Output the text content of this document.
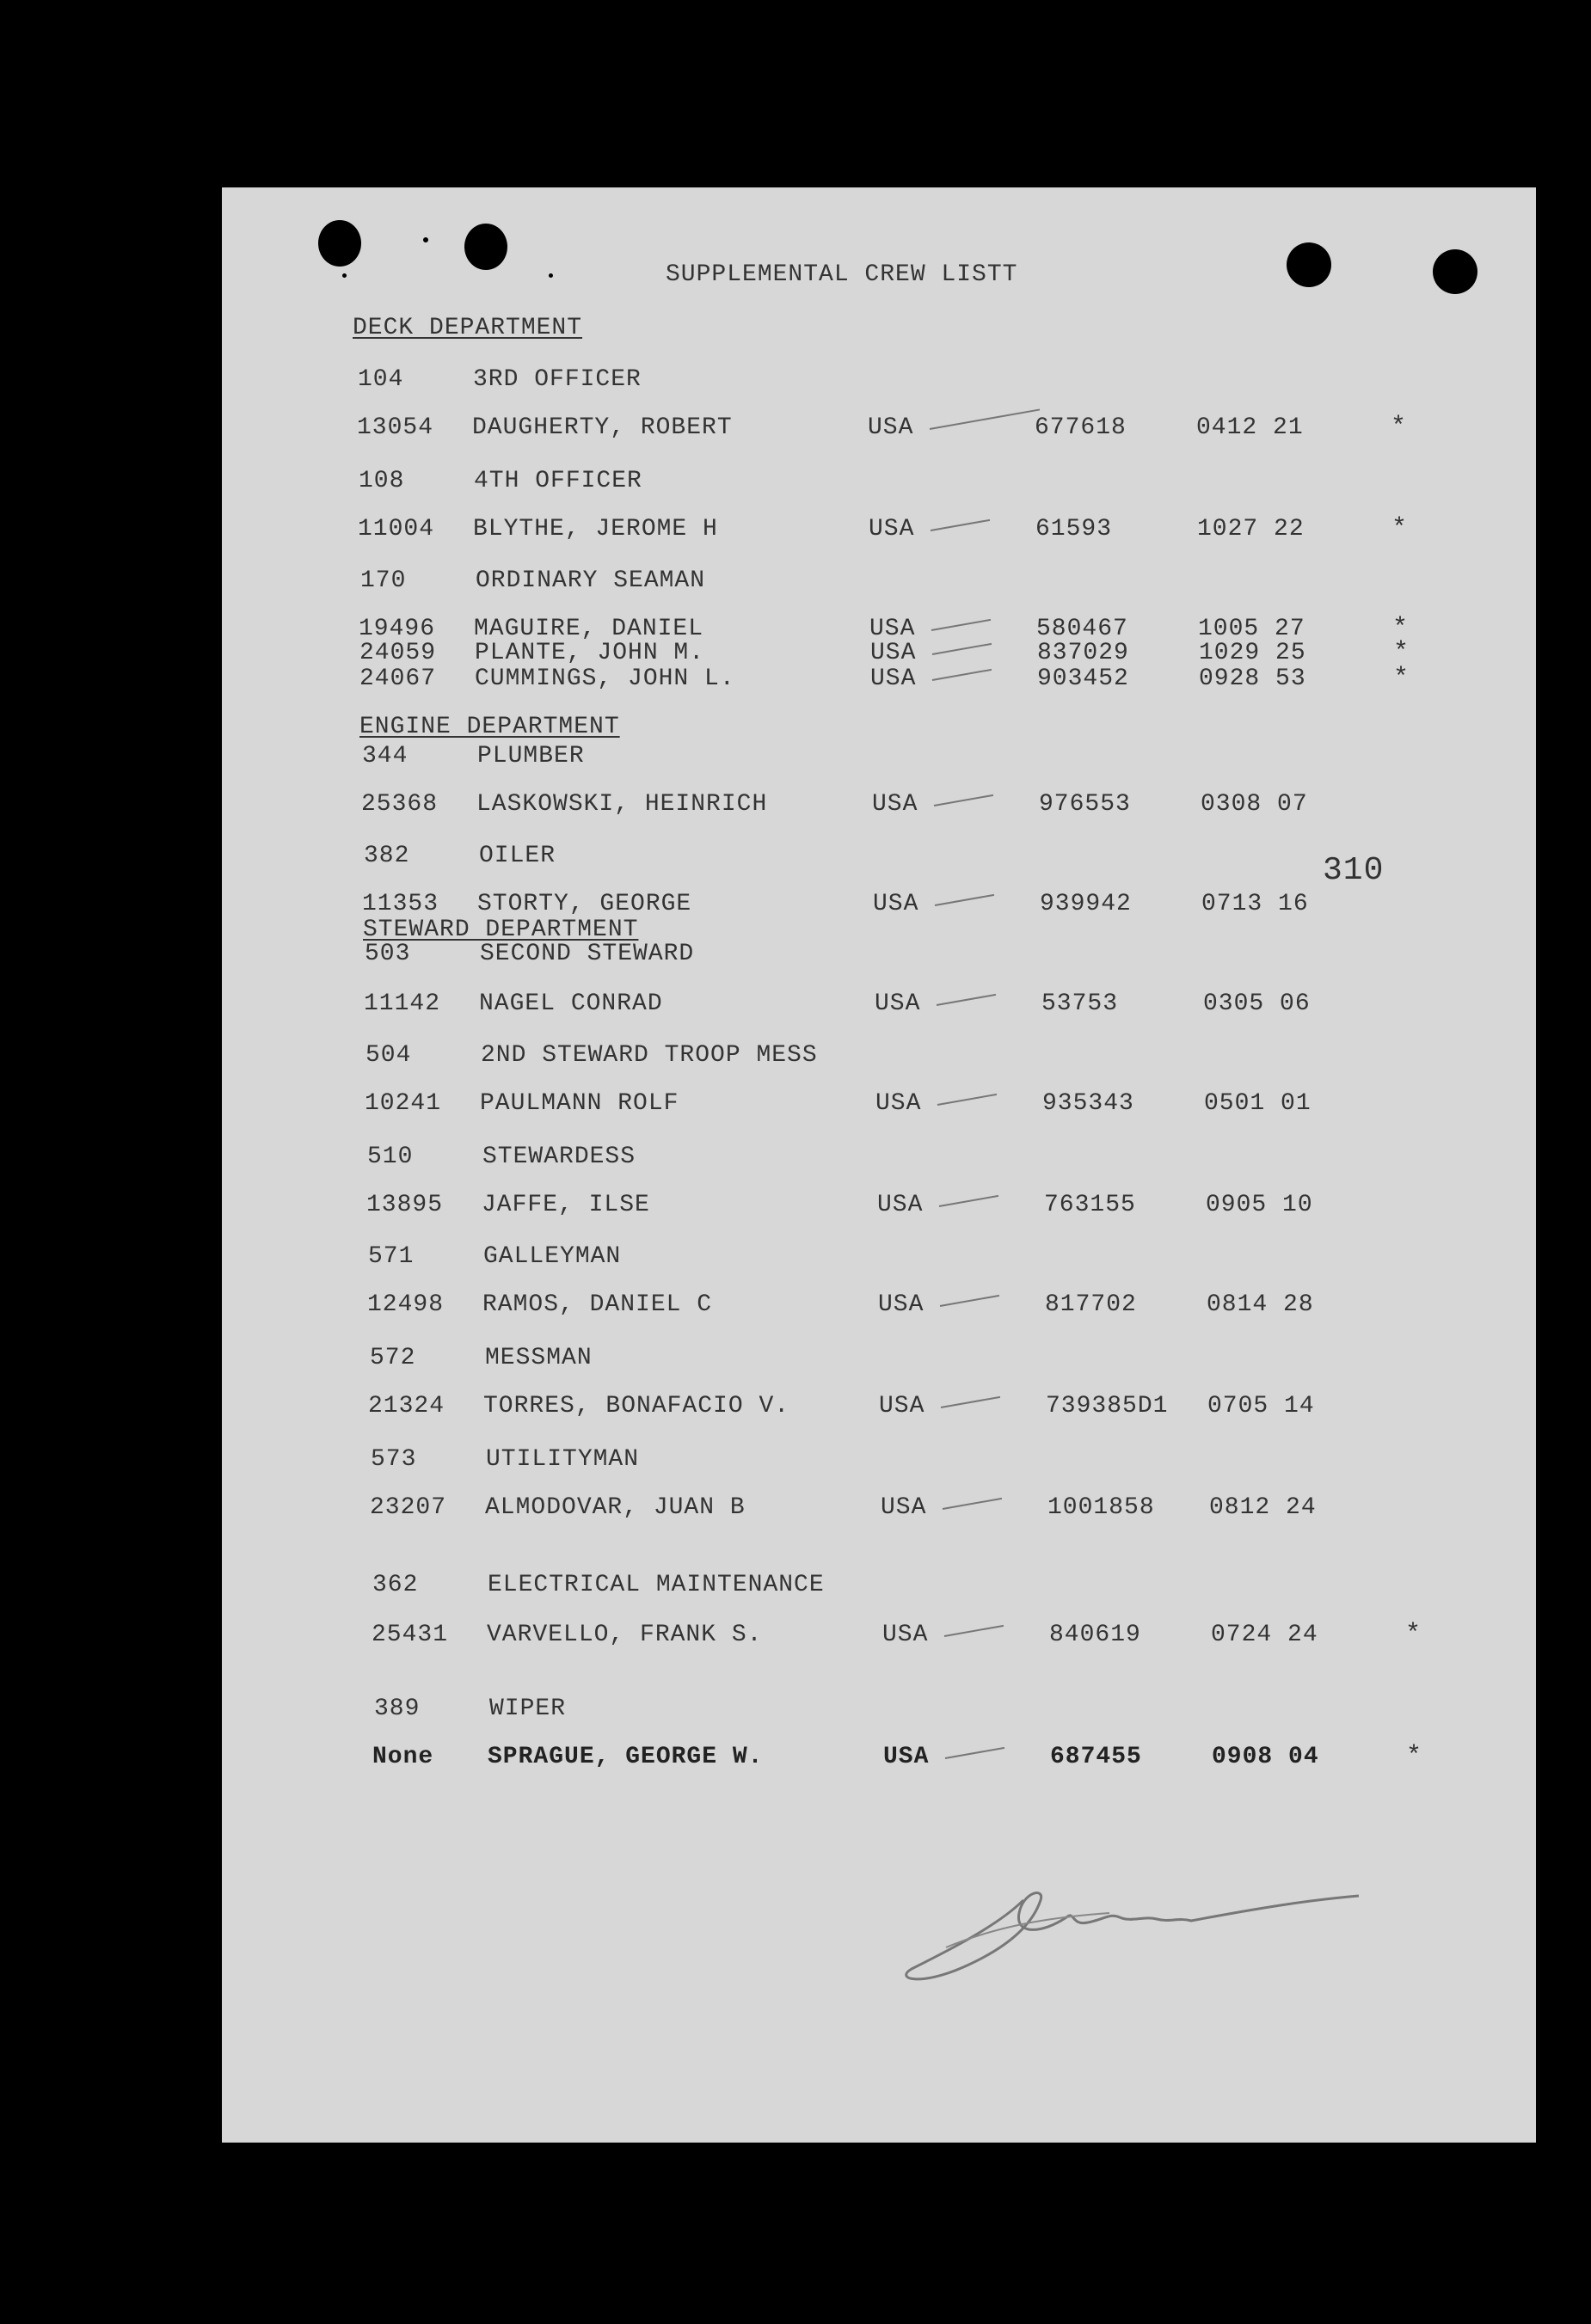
SUPPLEMENTAL CREW LISTT
DECK DEPARTMENT
104	3RD OFFICER
13054 DAUGHERTY, ROBERT	USA	677618	0412 21	*
108	4TH OFFICER
11004 BLYTHE, JEROME H	USA	61593	1027 22	*
170	ORDINARY SEAMAN
19496 MAGUIRE, DANIEL	USA	580467	1005 27	*
24059 PLANTE, JOHN M.	USA	837029	1029 25	*
24067 CUMMINGS, JOHN L.	USA	903452	0928 53	*
ENGINE DEPARTMENT
344	PLUMBER
25368 LASKOWSKI, HEINRICH	USA	976553	0308 07
382	OILER
11353 STORTY, GEORGE	USA	939942	0713 16
STEWARD DEPARTMENT
503	SECOND STEWARD
11142 NAGEL CONRAD	USA	53753	0305 06
504	2ND STEWARD TROOP MESS
10241 PAULMANN ROLF	USA	935343	0501 01
510	STEWARDESS
13895 JAFFE, ILSE	USA	763155	0905 10
571	GALLEYMAN
12498 RAMOS, DANIEL C	USA	817702	0814 28
572	MESSMAN
21324 TORRES, BONAFACIO V.	USA	739385D1 0705 14
573	UTILITYMAN
23207 ALMODOVAR, JUAN B	USA	1001858 0812 24
362	ELECTRICAL MAINTENANCE
25431 VARVELLO, FRANK S.	USA	840619	0724 24	*
389	WIPER
None SPRAGUE, GEORGE W.	USA	687455	0908 04	*
310
